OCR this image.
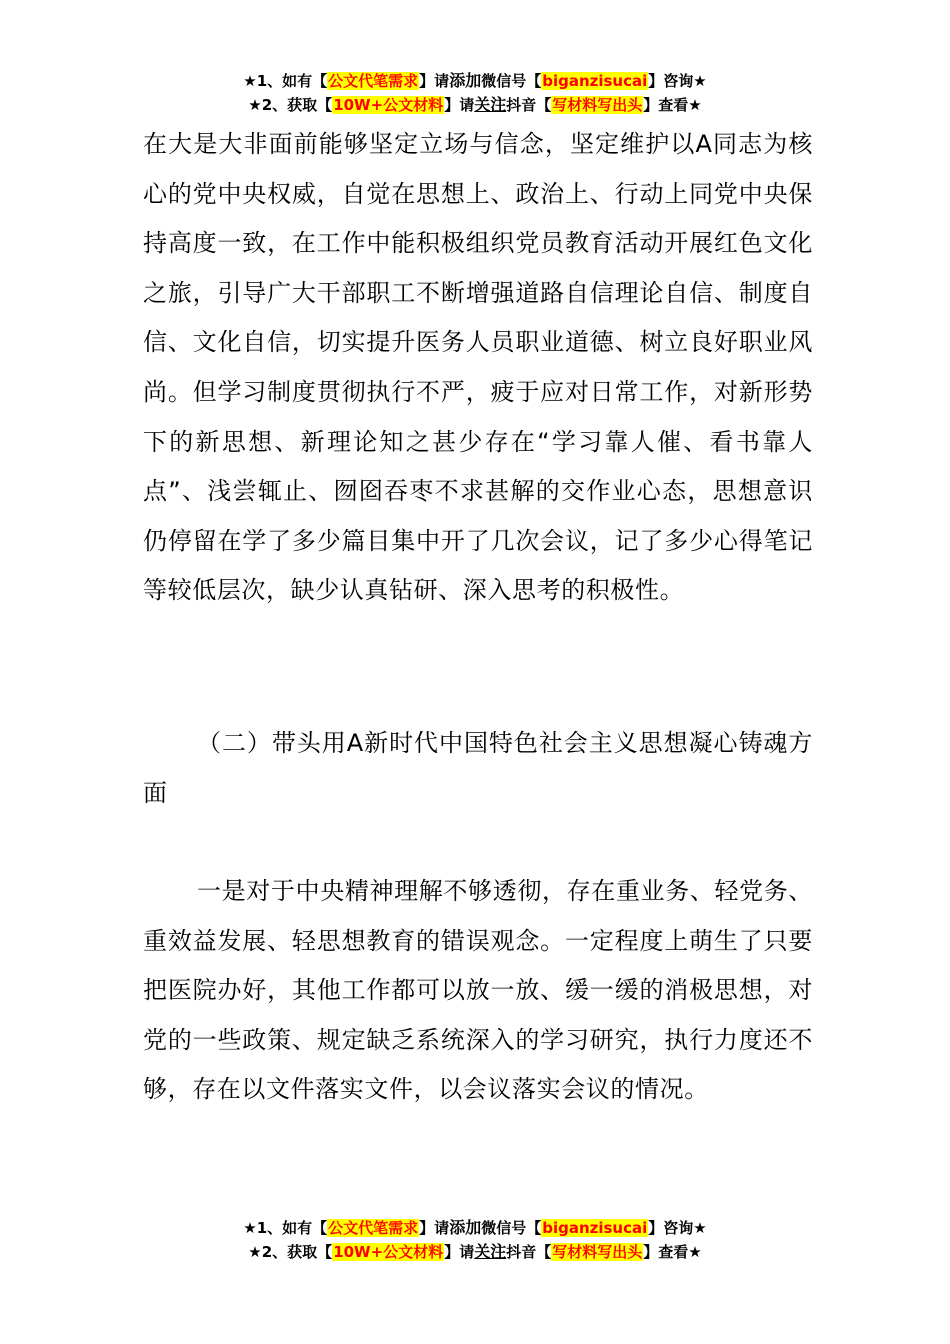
★1、如有【公文代笔需求】请添加微信号【biganzisucai】咨询★
★2、获取【10W+公文材料】请关注抖音【写材料写出头】查看★

在大是大非面前能够坚定立场与信念，坚定维护以A同志为核心的党中央权威，自觉在思想上、政治上、行动上同党中央保持高度一致，在工作中能积极组织党员教育活动开展红色文化之旅，引导广大干部职工不断增强道路自信理论自信、制度自信、文化自信，切实提升医务人员职业道德、树立良好职业风尚。但学习制度贯彻执行不严，疲于应对日常工作，对新形势下的新思想、新理论知之甚少存在“学习靠人催、看书靠人点”、浅尝辄止、囫囵吞枣不求甚解的交作业心态，思想意识仍停留在学了多少篇目集中开了几次会议，记了多少心得笔记等较低层次，缺少认真钻研、深入思考的积极性。

（二）带头用A新时代中国特色社会主义思想凝心铸魂方面

一是对于中央精神理解不够透彻，存在重业务、轻党务、重效益发展、轻思想教育的错误观念。一定程度上萌生了只要把医院办好，其他工作都可以放一放、缓一缓的消极思想，对党的一些政策、规定缺乏系统深入的学习研究，执行力度还不够，存在以文件落实文件，以会议落实会议的情况。

★1、如有【公文代笔需求】请添加微信号【biganzisucai】咨询★
★2、获取【10W+公文材料】请关注抖音【写材料写出头】查看★
